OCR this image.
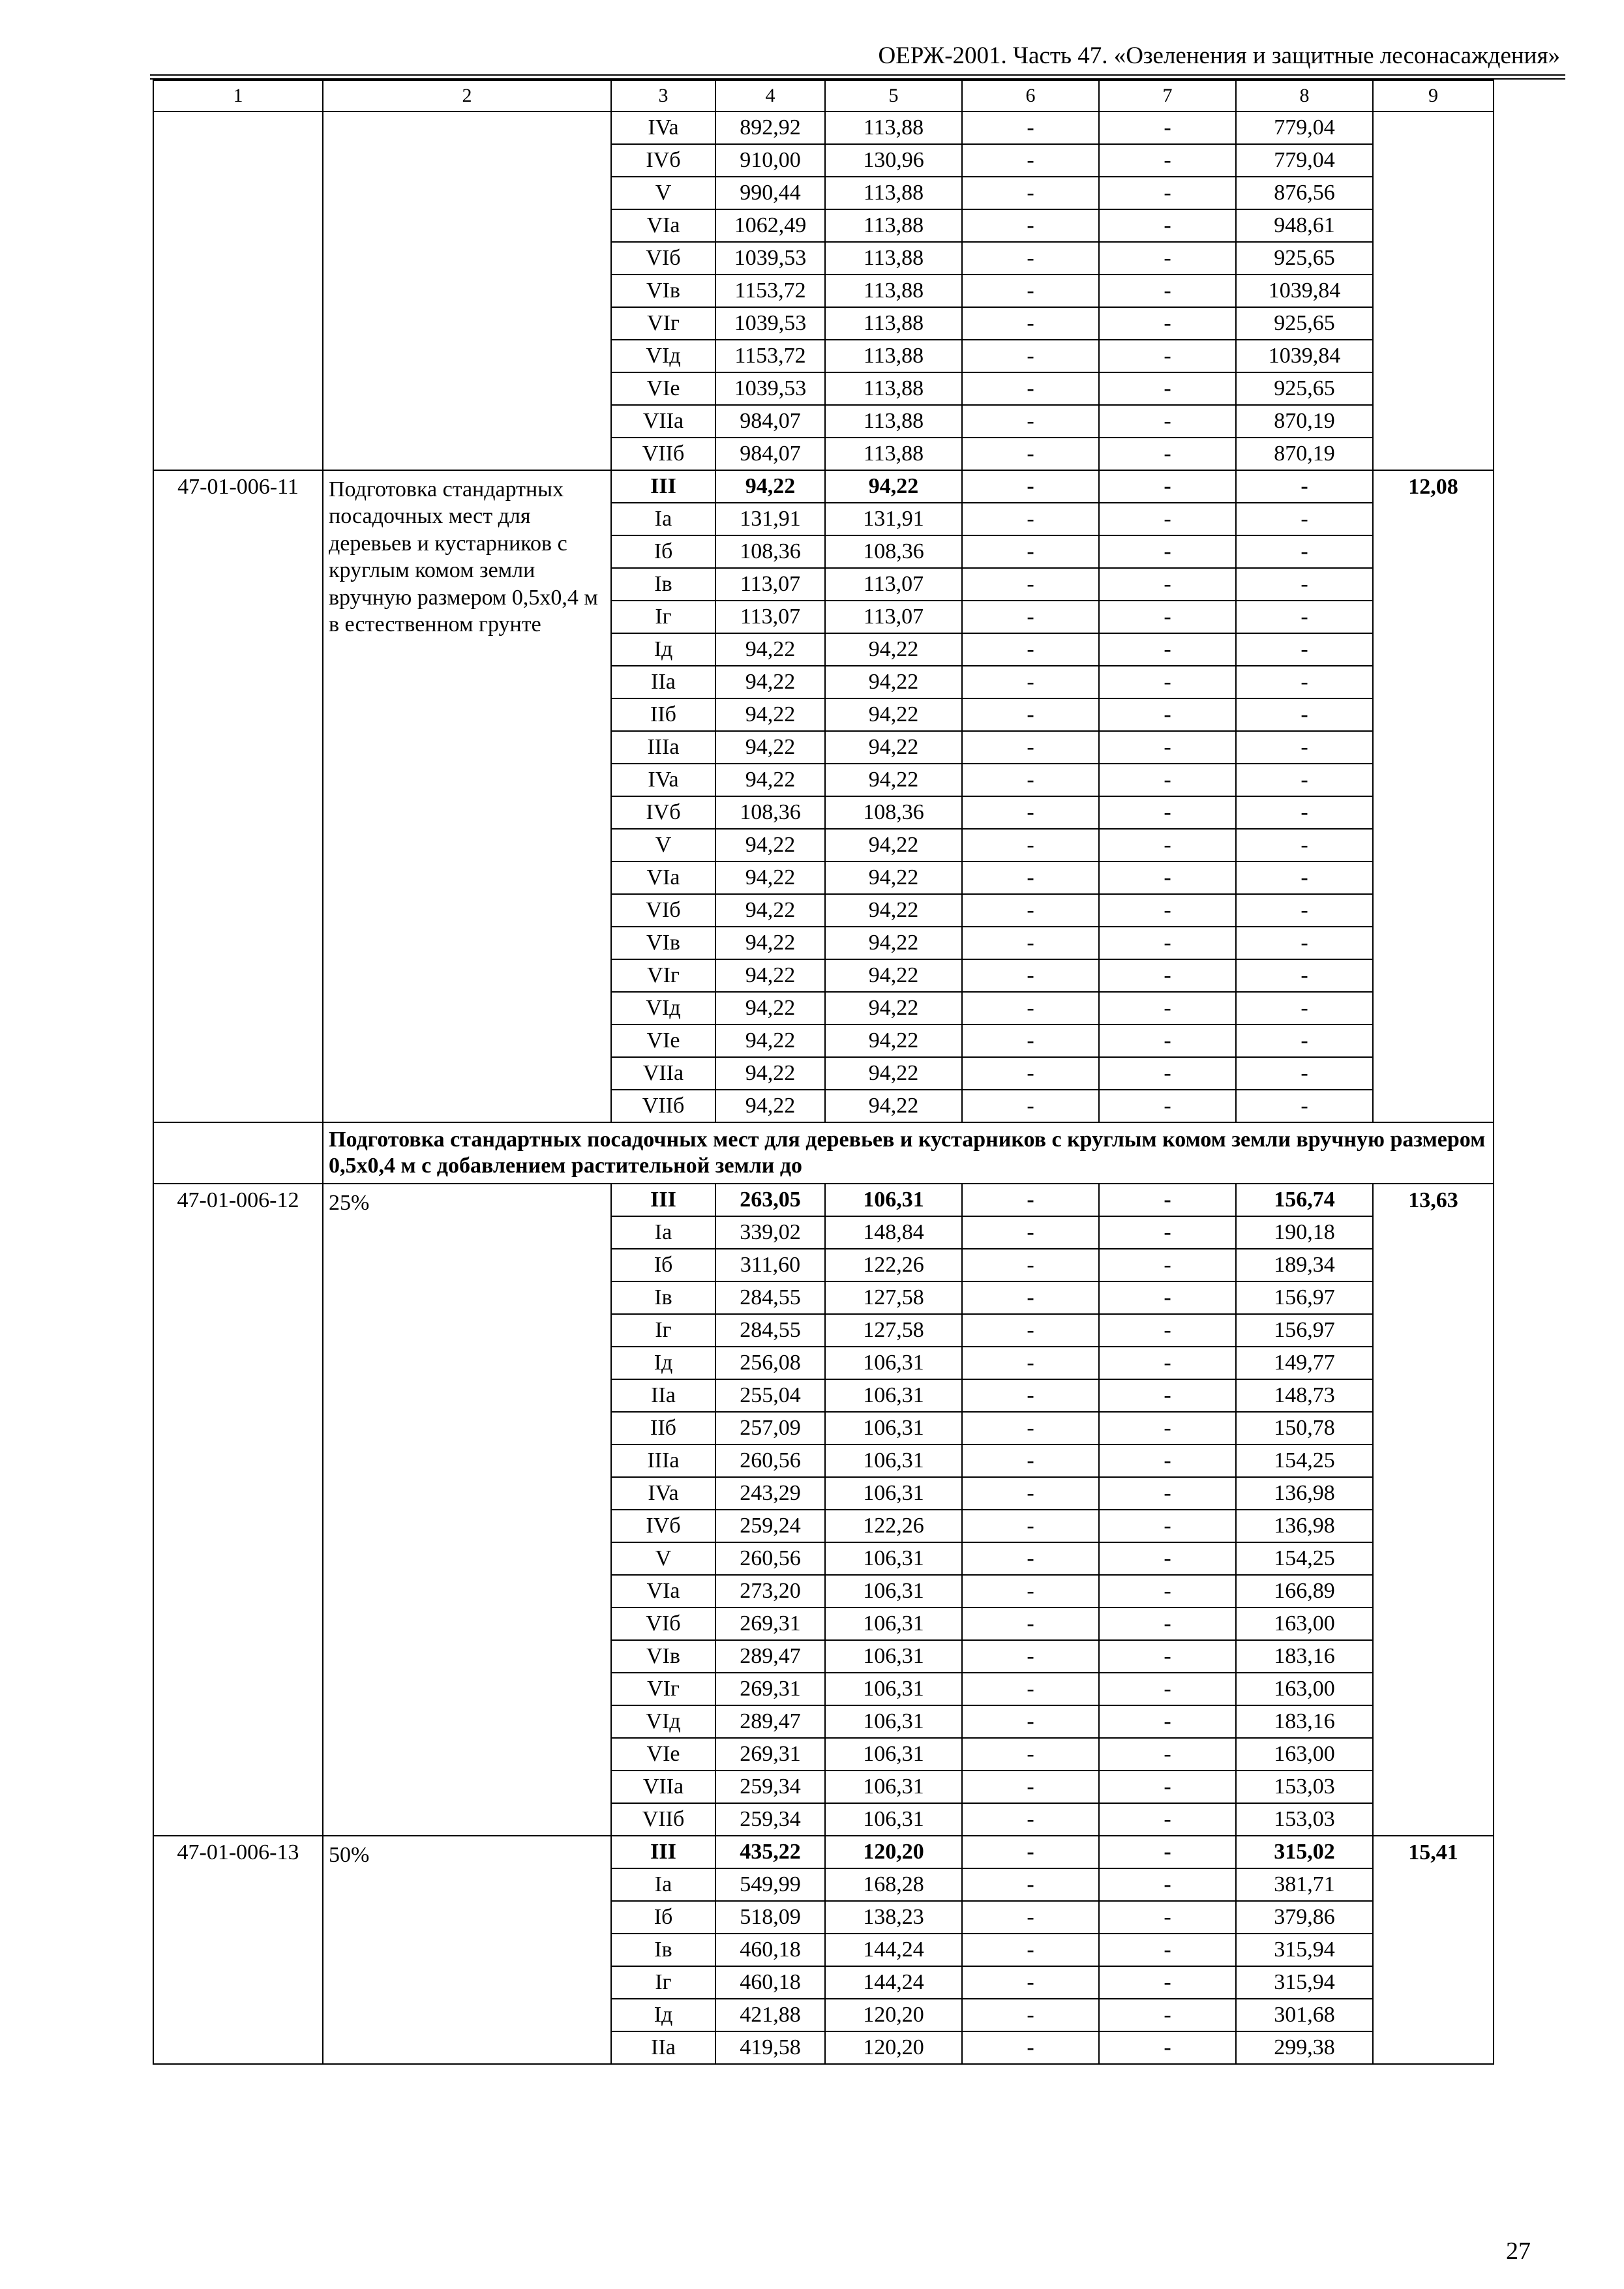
ОЕРЖ-2001. Часть 47. «Озеленения и защитные лесонасаждения»
1	2	3	4	5	6	7	8	9
		IVa	892,92	113,88	-	-	779,04	
		IVб	910,00	130,96	-	-	779,04	
		V	990,44	113,88	-	-	876,56	
		VIa	1062,49	113,88	-	-	948,61	
		VIб	1039,53	113,88	-	-	925,65	
		VIв	1153,72	113,88	-	-	1039,84	
		VIг	1039,53	113,88	-	-	925,65	
		VIд	1153,72	113,88	-	-	1039,84	
		VIe	1039,53	113,88	-	-	925,65	
		VIIa	984,07	113,88	-	-	870,19	
		VIIб	984,07	113,88	-	-	870,19	
47-01-006-11	Подготовка стандартных посадочных мест для деревьев и кустарников с круглым комом земли вручную размером 0,5х0,4 м в естественном грунте	III	94,22	94,22	-	-	-	12,08
		Ia	131,91	131,91	-	-	-	
		Iб	108,36	108,36	-	-	-	
		Iв	113,07	113,07	-	-	-	
		Iг	113,07	113,07	-	-	-	
		Iд	94,22	94,22	-	-	-	
		IIa	94,22	94,22	-	-	-	
		IIб	94,22	94,22	-	-	-	
		IIIa	94,22	94,22	-	-	-	
		IVa	94,22	94,22	-	-	-	
		IVб	108,36	108,36	-	-	-	
		V	94,22	94,22	-	-	-	
		VIa	94,22	94,22	-	-	-	
		VIб	94,22	94,22	-	-	-	
		VIв	94,22	94,22	-	-	-	
		VIг	94,22	94,22	-	-	-	
		VIд	94,22	94,22	-	-	-	
		VIe	94,22	94,22	-	-	-	
		VIIa	94,22	94,22	-	-	-	
		VIIб	94,22	94,22	-	-	-	
	Подготовка стандартных посадочных мест для деревьев и кустарников с круглым комом земли вручную размером 0,5х0,4 м с добавлением растительной земли до							
47-01-006-12	25%	III	263,05	106,31	-	-	156,74	13,63
		Ia	339,02	148,84	-	-	190,18	
		Iб	311,60	122,26	-	-	189,34	
		Iв	284,55	127,58	-	-	156,97	
		Iг	284,55	127,58	-	-	156,97	
		Iд	256,08	106,31	-	-	149,77	
		IIa	255,04	106,31	-	-	148,73	
		IIб	257,09	106,31	-	-	150,78	
		IIIa	260,56	106,31	-	-	154,25	
		IVa	243,29	106,31	-	-	136,98	
		IVб	259,24	122,26	-	-	136,98	
		V	260,56	106,31	-	-	154,25	
		VIa	273,20	106,31	-	-	166,89	
		VIб	269,31	106,31	-	-	163,00	
		VIв	289,47	106,31	-	-	183,16	
		VIг	269,31	106,31	-	-	163,00	
		VIд	289,47	106,31	-	-	183,16	
		VIe	269,31	106,31	-	-	163,00	
		VIIa	259,34	106,31	-	-	153,03	
		VIIб	259,34	106,31	-	-	153,03	
47-01-006-13	50%	III	435,22	120,20	-	-	315,02	15,41
		Ia	549,99	168,28	-	-	381,71	
		Iб	518,09	138,23	-	-	379,86	
		Iв	460,18	144,24	-	-	315,94	
		Iг	460,18	144,24	-	-	315,94	
		Iд	421,88	120,20	-	-	301,68	
		IIa	419,58	120,20	-	-	299,38	
27
